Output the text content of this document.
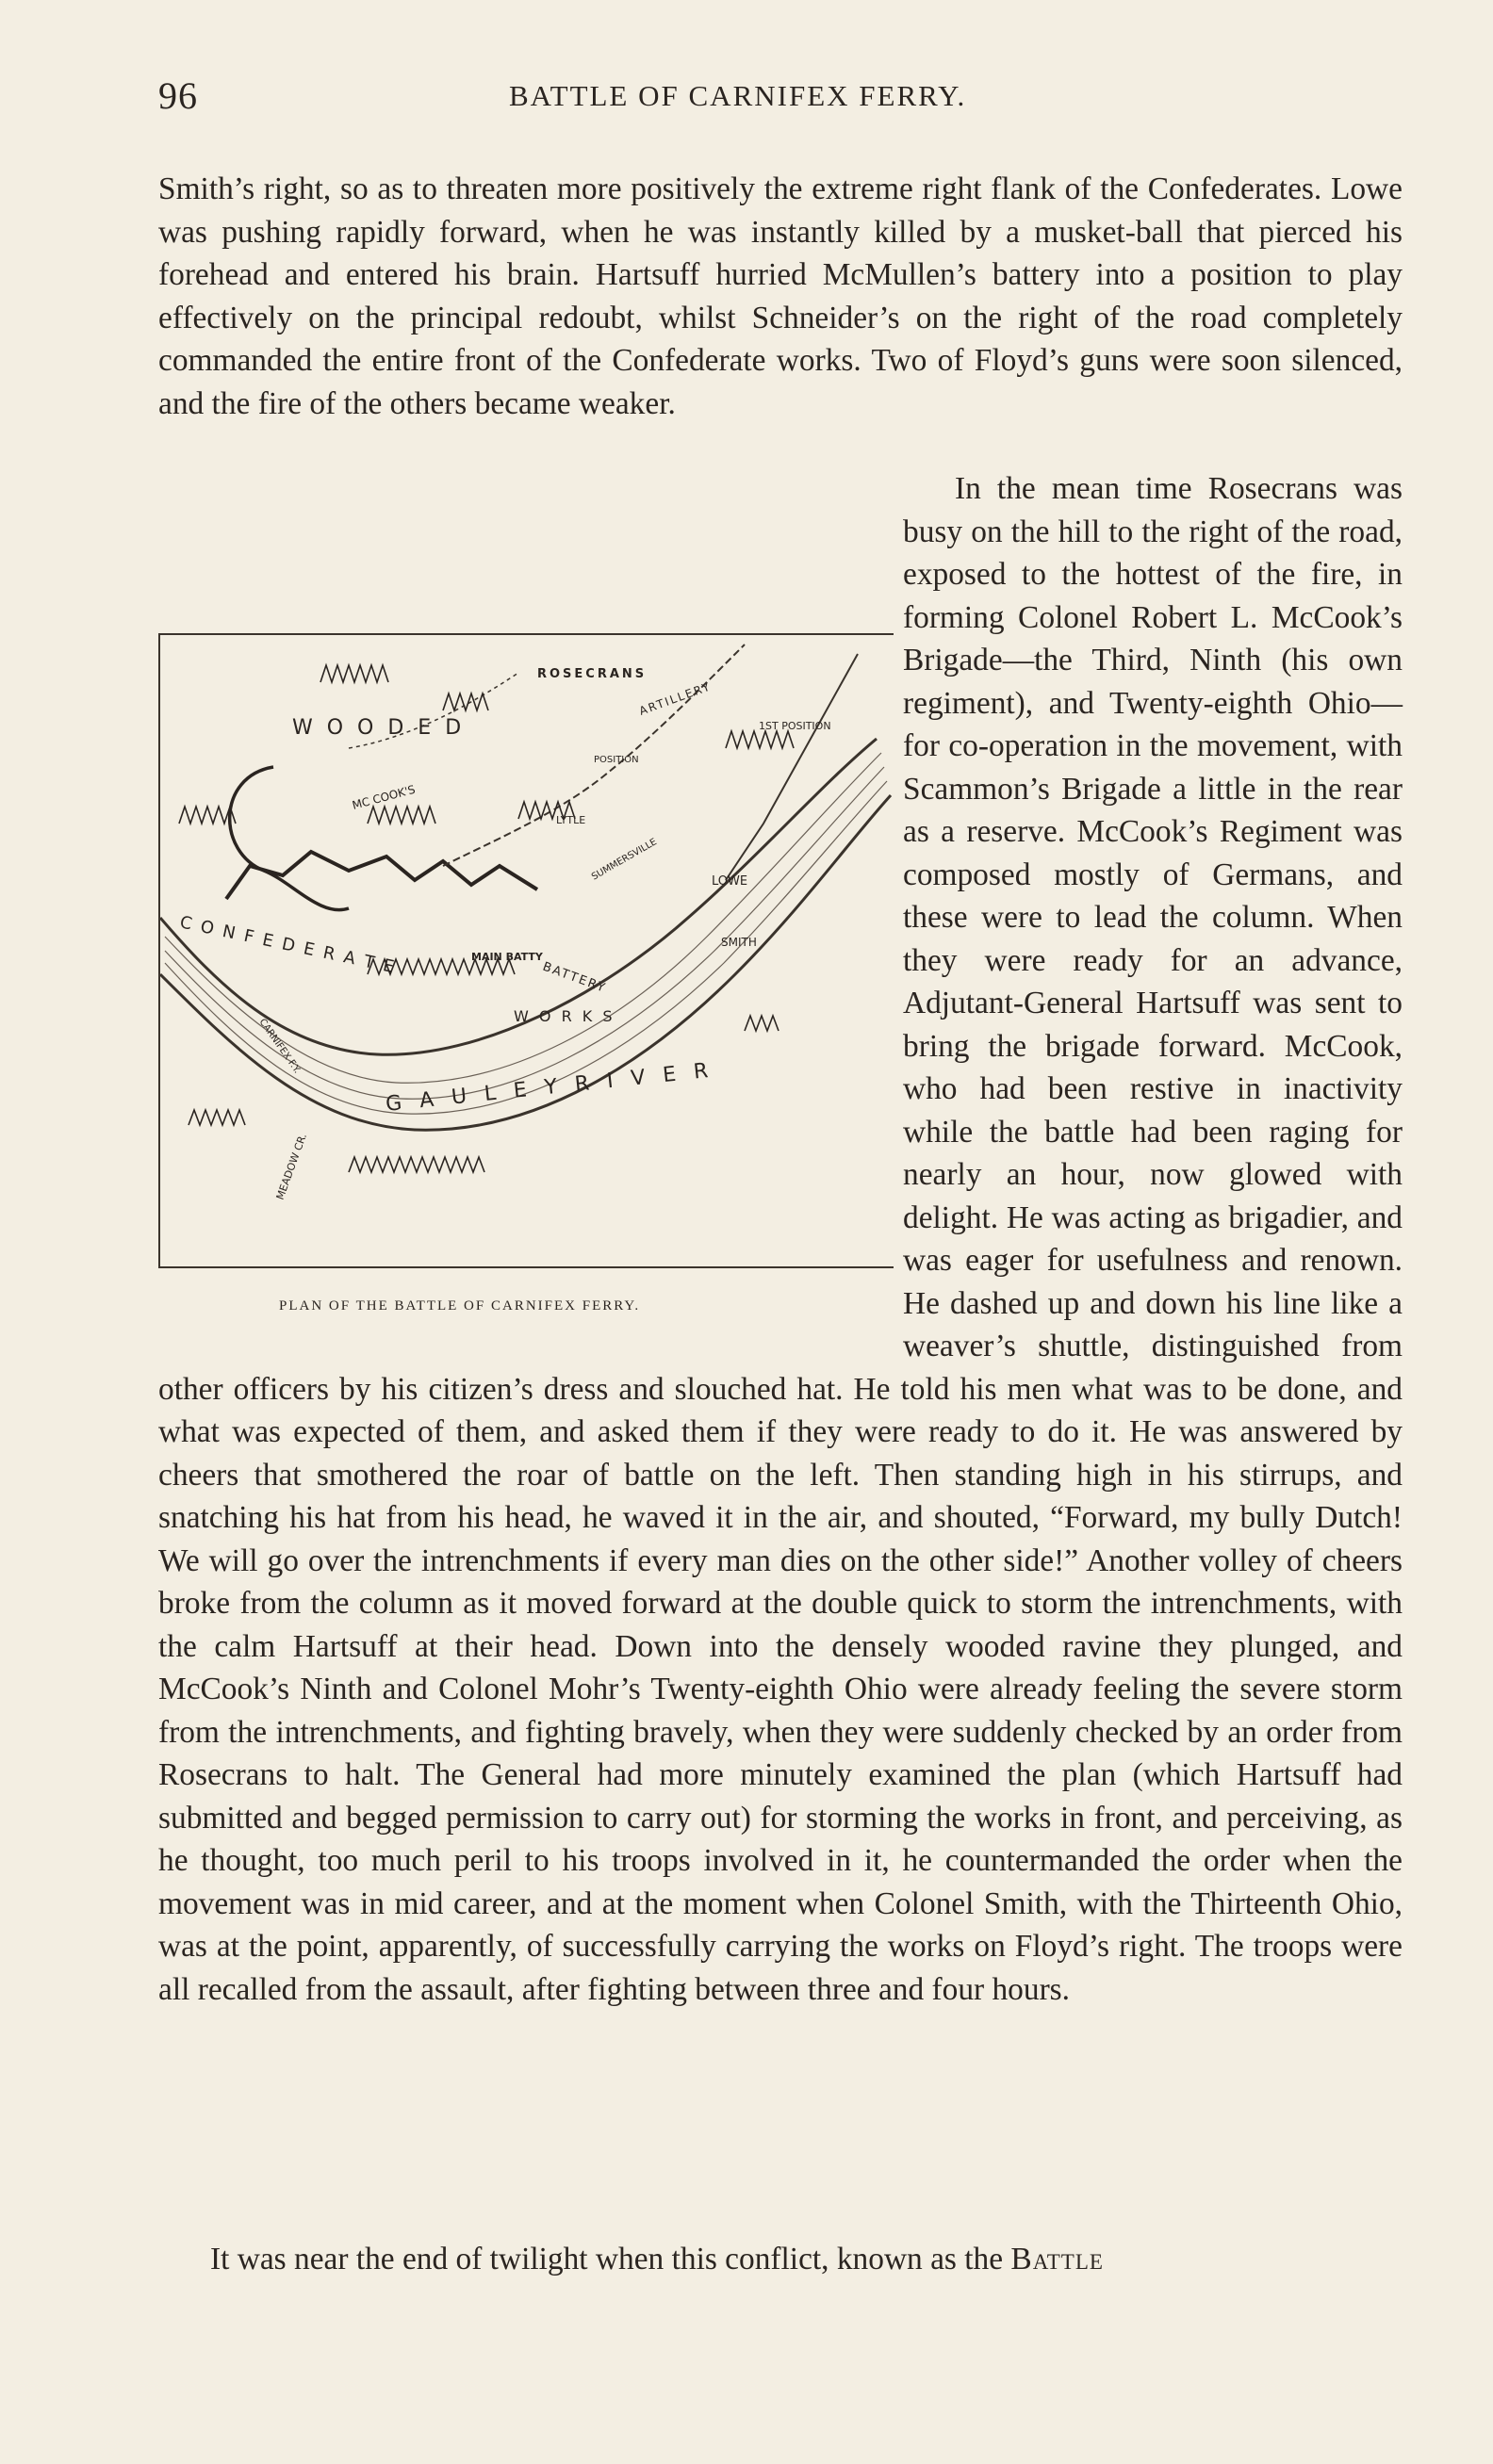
96	BATTLE OF CARNIFEX FERRY.
Smith’s right, so as to threaten more positively the extreme right flank of the Confederates. Lowe was pushing rapidly forward, when he was instantly killed by a musket-ball that pierced his forehead and entered his brain. Hartsuff hurried McMullen’s battery into a position to play effectively on the principal redoubt, whilst Schneider’s on the right of the road completely commanded the entire front of the Confederate works. Two of Floyd’s guns were soon silenced, and the fire of the others became weaker.
ROSECRANS
W O O D E D
ARTILLERY
1ST POSITION
POSITION
MC COOK'S
LYTLE
SUMMERSVILLE	LOWE
SMITH
C O N F E D E R A T E	MAIN BATTY
BATTERY
W O R K S
CARNIFEX F.Y.
G A U L E Y R I V E R
MEADOW CR.
PLAN OF THE BATTLE OF CARNIFEX FERRY.
In the mean time Rosecrans was busy on the hill to the right of the road, exposed to the hottest of the fire, in forming Colonel Robert L. McCook’s Brigade—the Third, Ninth (his own regiment), and Twenty-eighth Ohio—for co-operation in the movement, with Scammon’s Brigade a little in the rear as a reserve. McCook’s Regiment was composed mostly of Germans, and these were to lead the column. When they were ready for an advance, Adjutant-General Hartsuff was sent to bring the brigade forward. McCook, who had been restive in inactivity while the battle had been raging for nearly an hour, now glowed with delight. He was acting as brigadier, and was eager for usefulness and renown. He dashed up and down his line like a weaver’s shuttle, distinguished from other officers by his citizen’s dress and slouched hat. He told his men what was to be done, and what was expected of them, and asked them if they were ready to do it. He was answered by cheers that smothered the roar of battle on the left. Then standing high in his stirrups, and snatching his hat from his head, he waved it in the air, and shouted, “Forward, my bully Dutch! We will go over the intrenchments if every man dies on the other side!” Another volley of cheers broke from the column as it moved forward at the double quick to storm the intrenchments, with the calm Hartsuff at their head. Down into the densely wooded ravine they plunged, and McCook’s Ninth and Colonel Mohr’s Twenty-eighth Ohio were already feeling the severe storm from the intrenchments, and fighting bravely, when they were suddenly checked by an order from Rosecrans to halt. The General had more minutely examined the plan (which Hartsuff had submitted and begged permission to carry out) for storming the works in front, and perceiving, as he thought, too much peril to his troops involved in it, he countermanded the order when the movement was in mid career, and at the moment when Colonel Smith, with the Thirteenth Ohio, was at the point, apparently, of successfully carrying the works on Floyd’s right. The troops were all recalled from the assault, after fighting between three and four hours.
It was near the end of twilight when this conflict, known as the Battle
